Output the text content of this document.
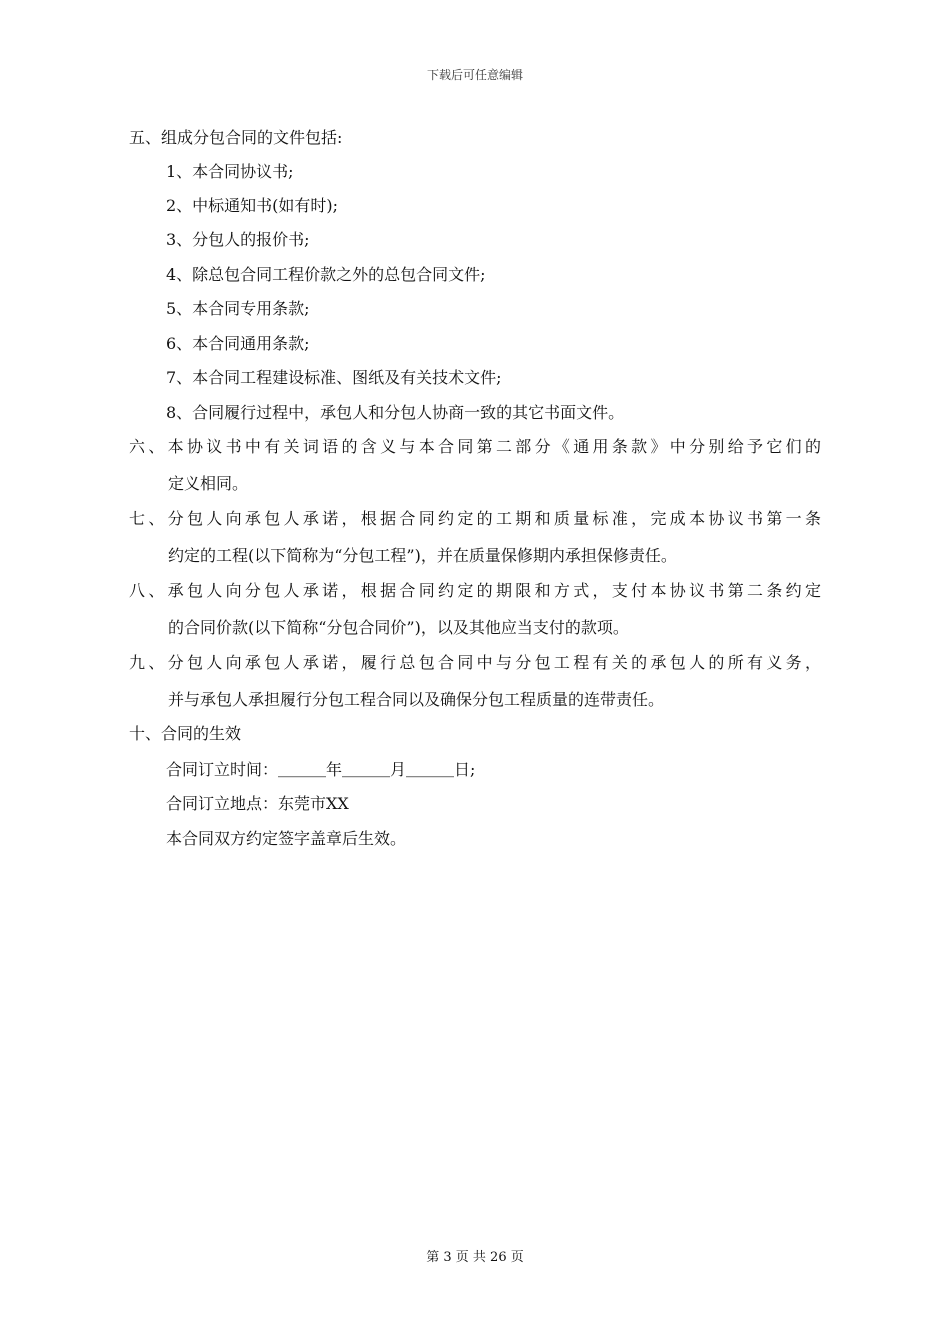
下载后可任意编辑
五、组成分包合同的文件包括:
1、本合同协议书;
2、中标通知书(如有时);
3、分包人的报价书;
4、除总包合同工程价款之外的总包合同文件;
5、本合同专用条款;
6、本合同通用条款;
7、本合同工程建设标准、图纸及有关技术文件;
8、合同履行过程中，承包人和分包人协商一致的其它书面文件。
六、本协议书中有关词语的含义与本合同第二部分《通用条款》中分别给予它们的
定义相同。
七、分包人向承包人承诺，根据合同约定的工期和质量标准，完成本协议书第一条
约定的工程(以下简称为“分包工程”)，并在质量保修期内承担保修责任。
八、承包人向分包人承诺，根据合同约定的期限和方式，支付本协议书第二条约定
的合同价款(以下简称“分包合同价”)，以及其他应当支付的款项。
九、分包人向承包人承诺，履行总包合同中与分包工程有关的承包人的所有义务，
并与承包人承担履行分包工程合同以及确保分包工程质量的连带责任。
十、合同的生效
合同订立时间：＿＿＿年＿＿＿月＿＿＿日;
合同订立地点：东莞市XX
本合同双方约定签字盖章后生效。
第 3 页 共 26 页
